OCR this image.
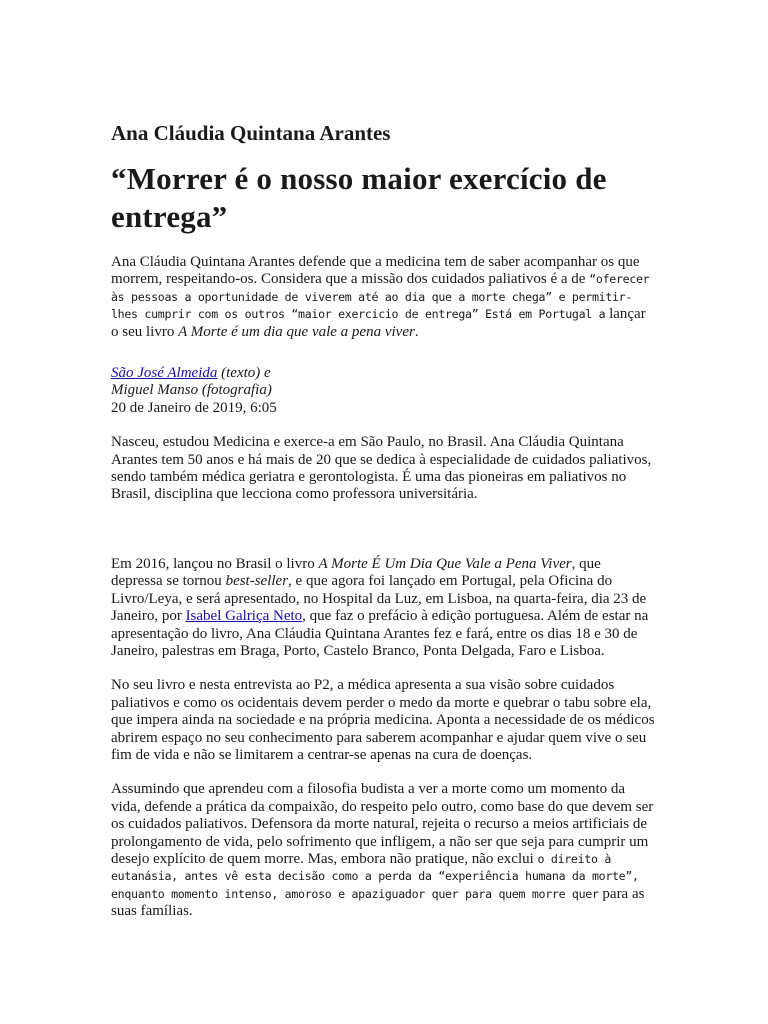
Ana Cláudia Quintana Arantes
“Morrer é o nosso maior exercício de entrega”

Ana Cláudia Quintana Arantes defende que a medicina tem de saber acompanhar os que morrem, respeitando-os. Considera que a missão dos cuidados paliativos é a de “oferecer às pessoas a oportunidade de viverem até ao dia que a morte chega” e permitir-lhes cumprir com os outros “maior exercicio de entrega” Está em Portugal a lançar o seu livro A Morte é um dia que vale a pena viver.

São José Almeida (texto) e
Miguel Manso (fotografia)
20 de Janeiro de 2019, 6:05

Nasceu, estudou Medicina e exerce-a em São Paulo, no Brasil. Ana Cláudia Quintana Arantes tem 50 anos e há mais de 20 que se dedica à especialidade de cuidados paliativos, sendo também médica geriatra e gerontologista. É uma das pioneiras em paliativos no Brasil, disciplina que lecciona como professora universitária.

Em 2016, lançou no Brasil o livro A Morte É Um Dia Que Vale a Pena Viver, que depressa se tornou best-seller, e que agora foi lançado em Portugal, pela Oficina do Livro/Leya, e será apresentado, no Hospital da Luz, em Lisboa, na quarta-feira, dia 23 de Janeiro, por Isabel Galriça Neto, que faz o prefácio à edição portuguesa. Além de estar na apresentação do livro, Ana Cláudia Quintana Arantes fez e fará, entre os dias 18 e 30 de Janeiro, palestras em Braga, Porto, Castelo Branco, Ponta Delgada, Faro e Lisboa.

No seu livro e nesta entrevista ao P2, a médica apresenta a sua visão sobre cuidados paliativos e como os ocidentais devem perder o medo da morte e quebrar o tabu sobre ela, que impera ainda na sociedade e na própria medicina. Aponta a necessidade de os médicos abrirem espaço no seu conhecimento para saberem acompanhar e ajudar quem vive o seu fim de vida e não se limitarem a centrar-se apenas na cura de doenças.

Assumindo que aprendeu com a filosofia budista a ver a morte como um momento da vida, defende a prática da compaixão, do respeito pelo outro, como base do que devem ser os cuidados paliativos. Defensora da morte natural, rejeita o recurso a meios artificiais de prolongamento de vida, pelo sofrimento que infligem, a não ser que seja para cumprir um desejo explícito de quem morre. Mas, embora não pratique, não exclui o direito à eutanásia, antes vê esta decisão como a perda da “experiência humana da morte”, enquanto momento intenso, amoroso e apaziguador quer para quem morre quer para as suas famílias.
